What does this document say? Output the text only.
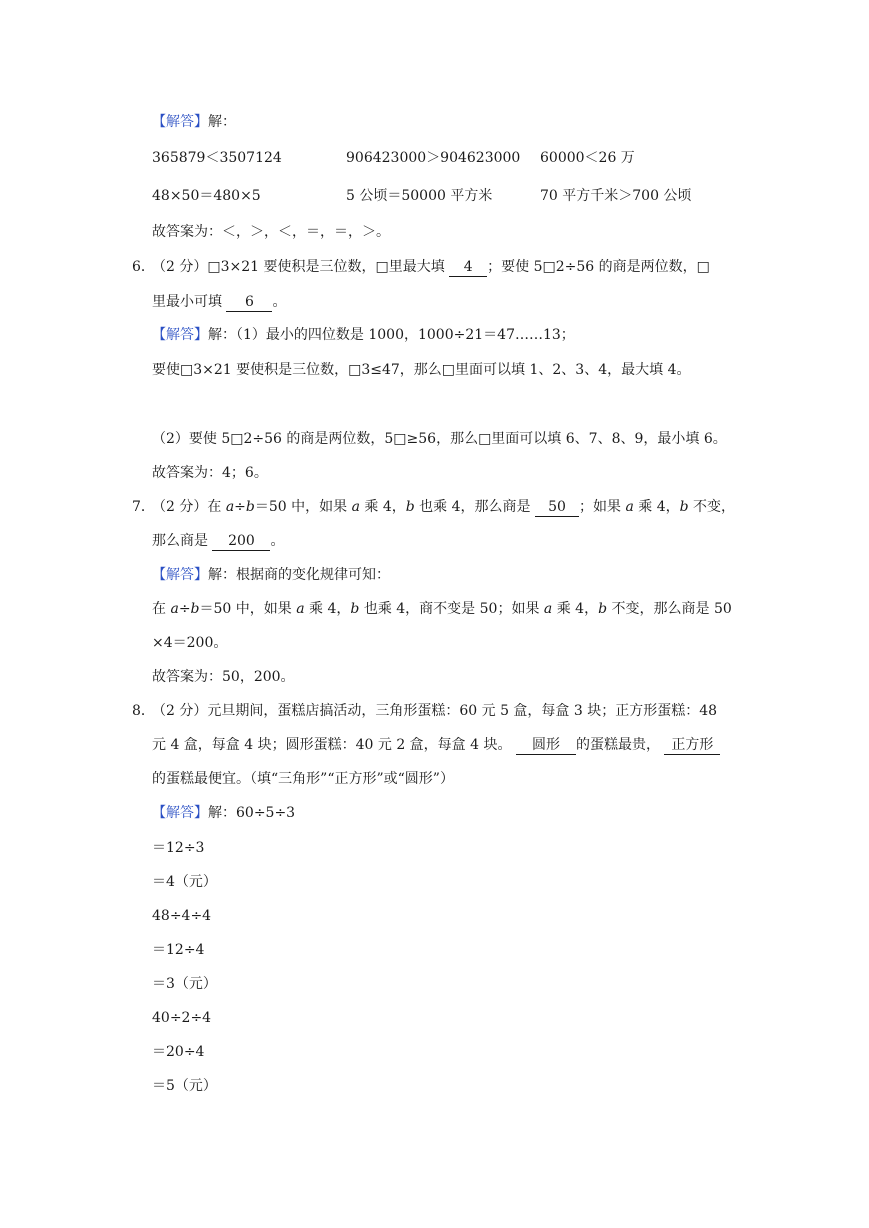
【解答】解：
365879＜3507124	906423000＞904623000 60000＜26 万
48×50＝480×5	5 公顷＝50000 平方米	70 平方千米＞700 公顷
故答案为：＜，＞，＜，＝，＝，＞。
6．
（2 分）□3×21 要使积是三位数，□里最大填 4 ；要使 5□2÷56 的商是两位数，□
里最小可填 6 。
【解答】解：（1）最小的四位数是 1000，1000÷21＝47……13；
要使□3×21 要使积是三位数，□3≤47，那么□里面可以填 1、2、3、4，最大填 4。
（2）要使 5□2÷56 的商是两位数，5□≥56，那么□里面可以填 6、7、8、9，最小填 6。
故答案为：4；6。
7．
（2 分）在 a÷b＝50 中，如果 a 乘 4，b 也乘 4，那么商是 50 ；如果 a 乘 4，b 不变，
那么商是 200 。
【解答】解：根据商的变化规律可知：
在 a÷b＝50 中，如果 a 乘 4，b 也乘 4，商不变是 50；如果 a 乘 4，b 不变，那么商是 50
×4＝200。
故答案为：50，200。
8．
（2 分）元旦期间，蛋糕店搞活动，三角形蛋糕：60 元 5 盒，每盒 3 块；正方形蛋糕：48
元 4 盒，每盒 4 块；圆形蛋糕：40 元 2 盒，每盒 4 块。 圆形 的蛋糕最贵， 正方形
的蛋糕最便宜。（填“三角形”“正方形”或“圆形”）
【解答】解：60÷5÷3
＝12÷3
＝4（元）
48÷4÷4
＝12÷4
＝3（元）
40÷2÷4
＝20÷4
＝5（元）
